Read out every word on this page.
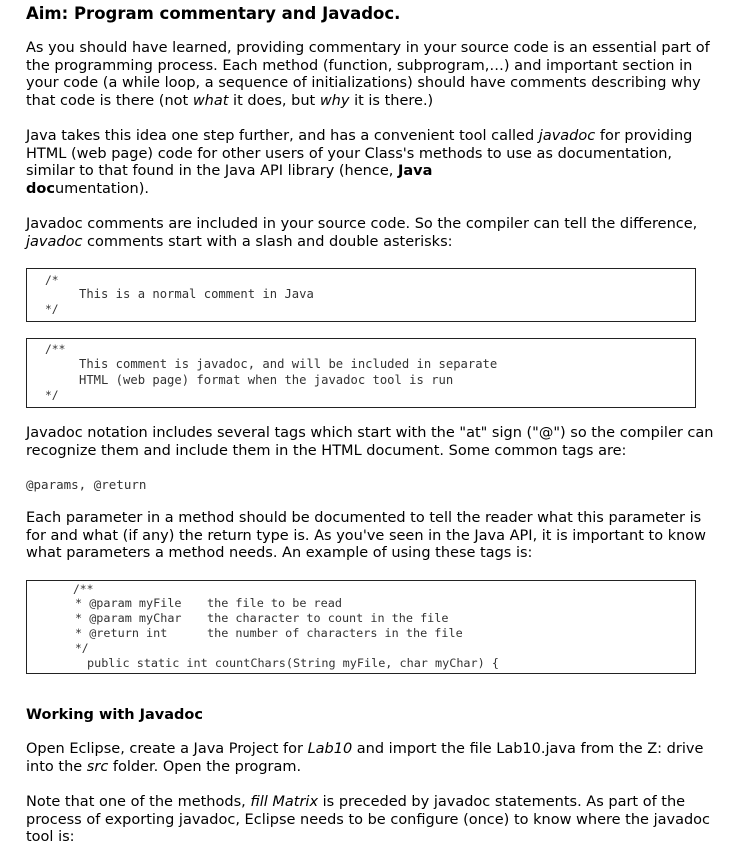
Aim: Program commentary and Javadoc.

As you should have learned, providing commentary in your source code is an essential part of the programming process. Each method (function, subprogram,…) and important section in your code (a while loop, a sequence of initializations) should have comments describing why that code is there (not what it does, but why it is there.)

Java takes this idea one step further, and has a convenient tool called javadoc for providing HTML (web page) code for other users of your Class's methods to use as documentation, similar to that found in the Java API library (hence, Java
documentation).

Javadoc comments are included in your source code. So the compiler can tell the difference, javadoc comments start with a slash and double asterisks:

/*
This is a normal comment in Java
*/
/**
This comment is javadoc, and will be included in separate
HTML (web page) format when the javadoc tool is run
*/

Javadoc notation includes several tags which start with the "at" sign ("@") so the compiler can recognize them and include them in the HTML document. Some common tags are:

@params, @return

Each parameter in a method should be documented to tell the reader what this parameter is for and what (if any) the return type is. As you've seen in the Java API, it is important to know what parameters a method needs. An example of using these tags is:

/**
* @param myFile the file to be read
* @param myChar the character to count in the file
* @return int	the number of characters in the file
*/
public static int countChars(String myFile, char myChar) {
Working with Javadoc

Open Eclipse, create a Java Project for Lab10 and import the file Lab10.java from the Z: drive into the src folder. Open the program.

Note that one of the methods, fill Matrix is preceded by javadoc statements. As part of the process of exporting javadoc, Eclipse needs to be configure (once) to know where the javadoc tool is:
